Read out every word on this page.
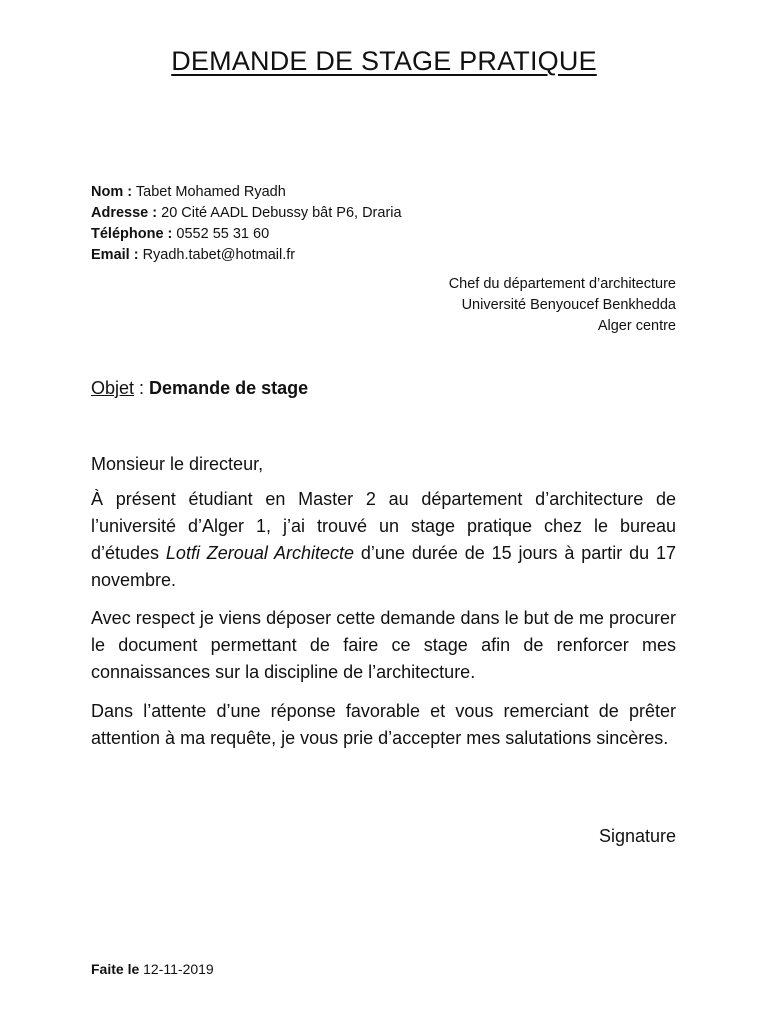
DEMANDE DE STAGE PRATIQUE
Nom : Tabet Mohamed Ryadh
Adresse : 20 Cité AADL Debussy bât P6, Draria
Téléphone : 0552 55 31 60
Email : Ryadh.tabet@hotmail.fr
Chef du département d’architecture
Université Benyoucef Benkhedda
Alger centre
Objet : Demande de stage
Monsieur le directeur,
À présent étudiant en Master 2 au département d’architecture de l’université d’Alger 1, j’ai trouvé un stage pratique chez le bureau d’études Lotfi Zeroual Architecte d’une durée de 15 jours à partir du 17 novembre.
Avec respect je viens déposer cette demande dans le but de me procurer le document permettant de faire ce stage afin de renforcer mes connaissances sur la discipline de l’architecture.
Dans l’attente d’une réponse favorable et vous remerciant de prêter attention à ma requête, je vous prie d’accepter mes salutations sincères.
Signature
Faite le 12-11-2019
